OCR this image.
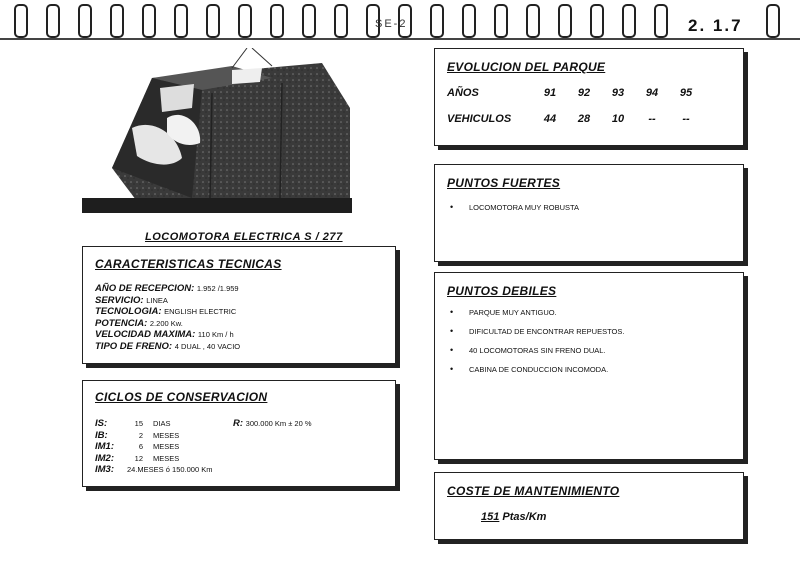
SE-2	2. 1.7
LOCOMOTORA ELECTRICA S / 277
CARACTERISTICAS TECNICAS
AÑO DE RECEPCION: 1.952 /1.959
SERVICIO: LINEA
TECNOLOGIA: ENGLISH ELECTRIC
POTENCIA: 2.200 Kw.
VELOCIDAD MAXIMA: 110 Km / h
TIPO DE FRENO: 4 DUAL , 40 VACIO
CICLOS DE CONSERVACION
IS:	15	DIAS
IB:	2	MESES
IM1:	6	MESES
IM2:	12	MESES
IM3:	24.MESES ó 150.000 Km
R: 300.000 Km ± 20 %
EVOLUCION DEL PARQUE
AÑOS	91	92	93	94	95
VEHICULOS	44	28	10	--	--
PUNTOS FUERTES
• LOCOMOTORA MUY ROBUSTA
PUNTOS DEBILES
• PARQUE MUY ANTIGUO.
• DIFICULTAD DE ENCONTRAR REPUESTOS.
• 40 LOCOMOTORAS SIN FRENO DUAL.
• CABINA DE CONDUCCION INCOMODA.
COSTE DE MANTENIMIENTO
151 Ptas/Km
